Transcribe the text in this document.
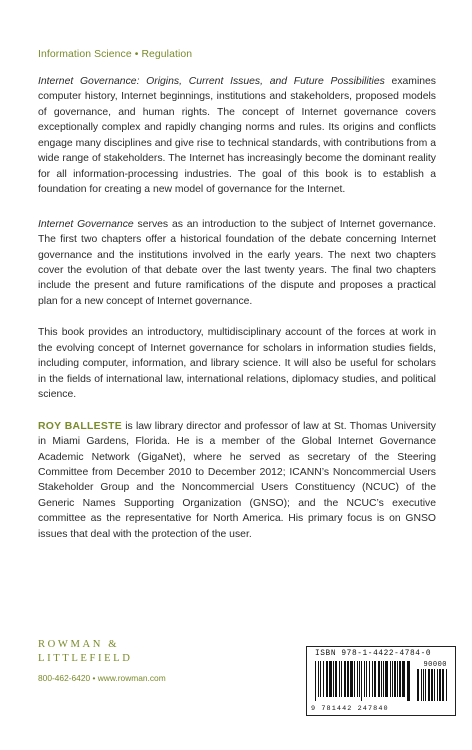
Information Science • Regulation

Internet Governance: Origins, Current Issues, and Future Possibilities examines computer history, Internet beginnings, institutions and stakeholders, proposed models of governance, and human rights. The concept of Internet governance covers exceptionally complex and rapidly changing norms and rules. Its origins and conflicts engage many disciplines and give rise to technical standards, with contributions from a wide range of stakeholders. The Internet has increasingly become the dominant reality for all information-processing industries. The goal of this book is to establish a foundation for creating a new model of governance for the Internet.

Internet Governance serves as an introduction to the subject of Internet governance. The first two chapters offer a historical foundation of the debate concerning Internet governance and the institutions involved in the early years. The next two chapters cover the evolution of that debate over the last twenty years. The final two chapters include the present and future ramifications of the dispute and proposes a practical plan for a new concept of Internet governance.

This book provides an introductory, multidisciplinary account of the forces at work in the evolving concept of Internet governance for scholars in information studies fields, including computer, information, and library science. It will also be useful for scholars in the fields of international law, international relations, diplomacy studies, and political science.

ROY BALLESTE is law library director and professor of law at St. Thomas University in Miami Gardens, Florida. He is a member of the Global Internet Governance Academic Network (GigaNet), where he served as secretary of the Steering Committee from December 2010 to December 2012; ICANN’s Noncommercial Users Stakeholder Group and the Noncommercial Users Constituency (NCUC) of the Generic Names Supporting Organization (GNSO); and the NCUC’s executive committee as the representative for North America. His primary focus is on GNSO issues that deal with the protection of the user.

ROWMAN &
LITTLEFIELD
800-462-6420 • www.rowman.com
ISBN 978-1-4422-4784-0
90000
9 781442 247840
